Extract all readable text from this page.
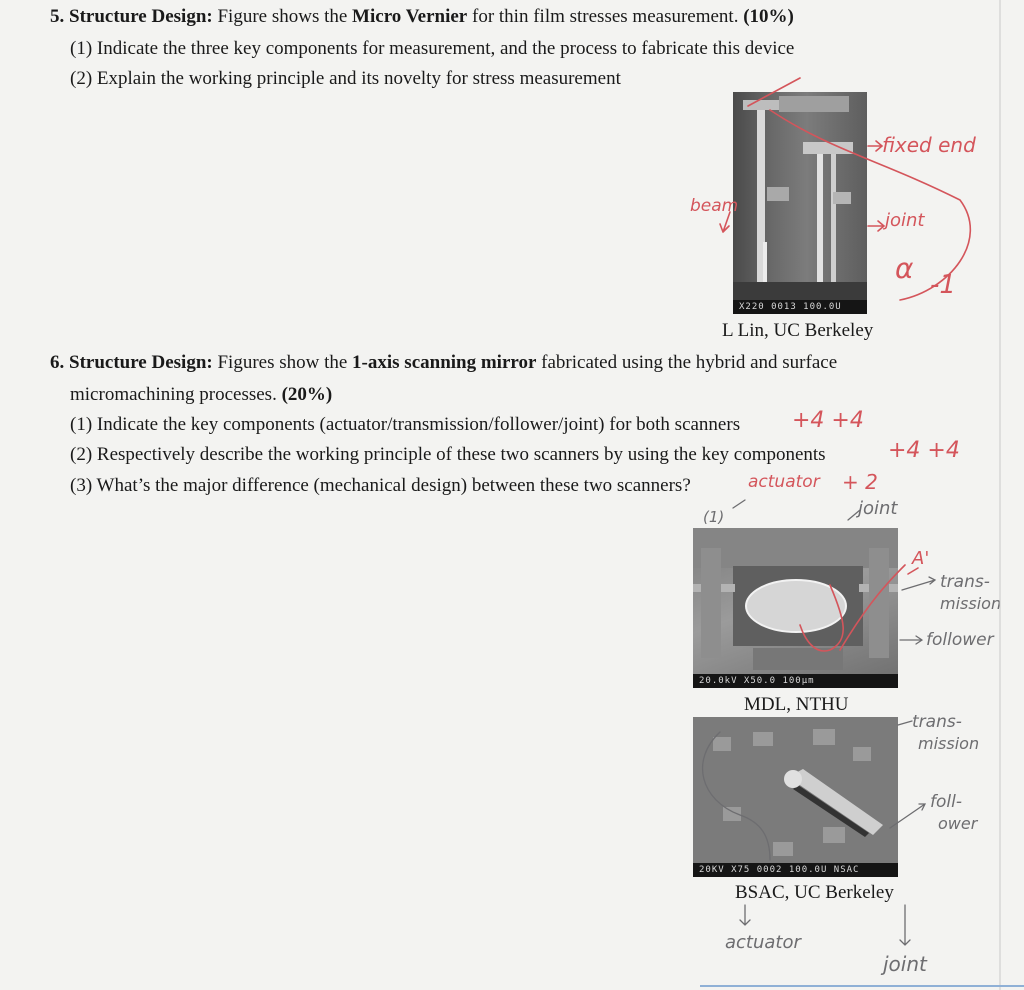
5. Structure Design: Figure shows the Micro Vernier for thin film stresses measurement. (10%)
(1) Indicate the three key components for measurement, and the process to fabricate this device
(2) Explain the working principle and its novelty for stress measurement
X220 0013 100.0U
L Lin, UC Berkeley
6. Structure Design: Figures show the 1-axis scanning mirror fabricated using the hybrid and surface
micromachining processes. (20%)
(1) Indicate the key components (actuator/transmission/follower/joint) for both scanners
(2) Respectively describe the working principle of these two scanners by using the key components
(3) What’s the major difference (mechanical design) between these two scanners?
20.0kV X50.0 100μm
MDL, NTHU
20KV X75 0002 100.0U NSAC
BSAC, UC Berkeley
fixed end
beam
joint
α -1
+4 +4
+4 +4
actuator + 2
A'
(1)	joint
trans-
mission
follower
trans-
mission
foll-
ower
actuator
joint
